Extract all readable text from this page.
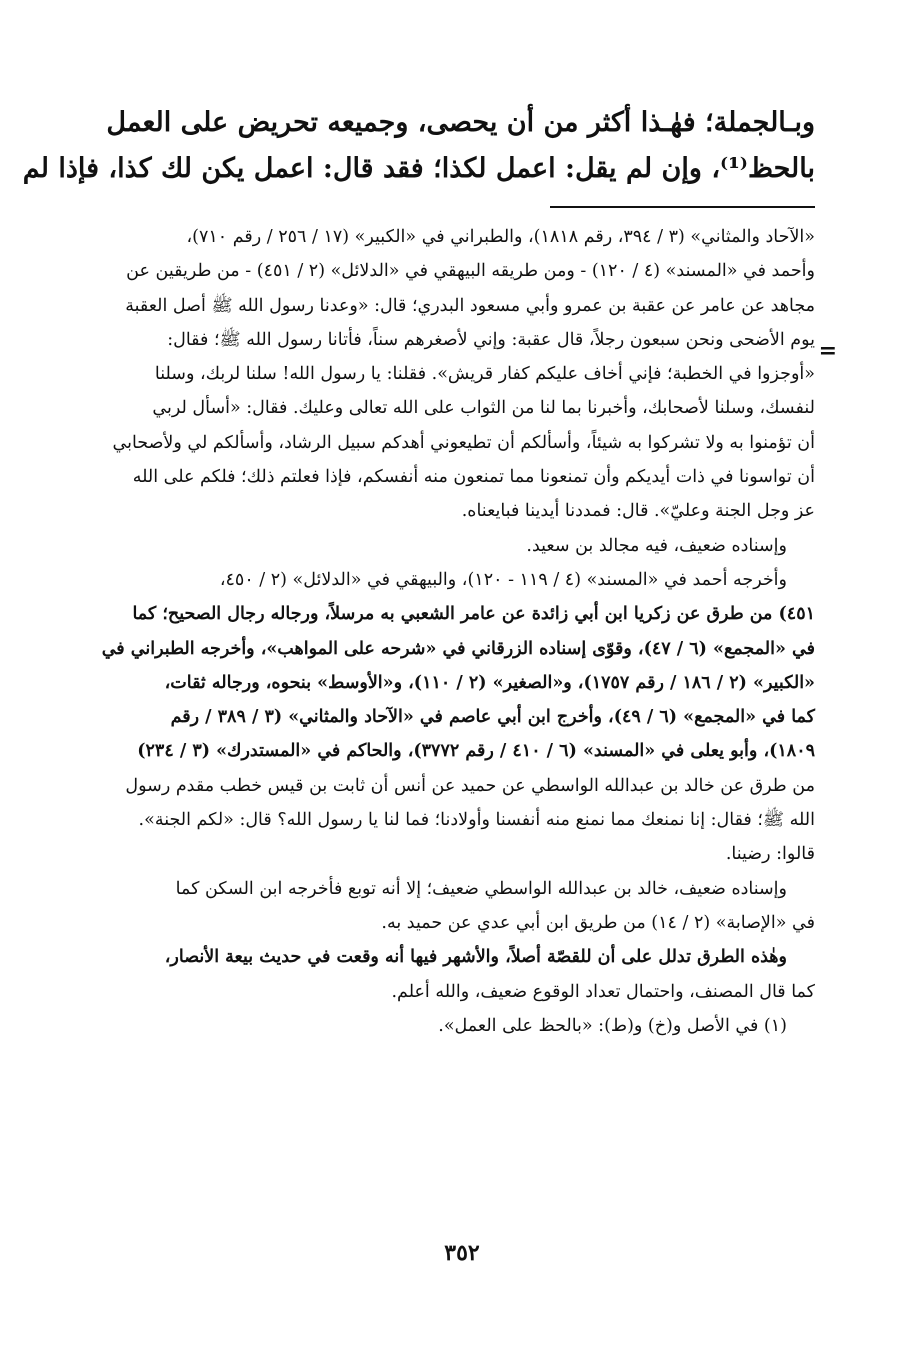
=

وبـالجملة؛ فهٰـذا أكثر من أن يحصى، وجميعه تحريض على العمل

بالحظ⁽¹⁾، وإن لم يقل: اعمل لكذا؛ فقد قال: اعمل يكن لك كذا، فإذا لم

«الآحاد والمثاني» (٣ / ٣٩٤، رقم ١٨١٨)، والطبراني في «الكبير» (١٧ / ٢٥٦ / رقم ٧١٠)،

وأحمد في «المسند» (٤ / ١٢٠) - ومن طريقه البيهقي في «الدلائل» (٢ / ٤٥١) - من طريقين عن

مجاهد عن عامر عن عقبة بن عمرو وأبي مسعود البدري؛ قال: «وعدنا رسول الله ﷺ أصل العقبة

يوم الأضحى ونحن سبعون رجلاً، قال عقبة: وإني لأصغرهم سناً، فأتانا رسول الله ﷺ؛ فقال:

«أوجزوا في الخطبة؛ فإني أخاف عليكم كفار قريش». فقلنا: يا رسول الله! سلنا لربك، وسلنا

لنفسك، وسلنا لأصحابك، وأخبرنا بما لنا من الثواب على الله تعالى وعليك. فقال: «أسأل لربي

أن تؤمنوا به ولا تشركوا به شيئاً، وأسألكم أن تطيعوني أهدكم سبيل الرشاد، وأسألكم لي ولأصحابي

أن تواسونا في ذات أيديكم وأن تمنعونا مما تمنعون منه أنفسكم، فإذا فعلتم ذلك؛ فلكم على الله

عز وجل الجنة وعليّ». قال: فمددنا أيدينا فبايعناه.

وإسناده ضعيف، فيه مجالد بن سعيد.

وأخرجه أحمد في «المسند» (٤ / ١١٩ - ١٢٠)، والبيهقي في «الدلائل» (٢ / ٤٥٠،

٤٥١) من طرق عن زكريا ابن أبي زائدة عن عامر الشعبي به مرسلاً، ورجاله رجال الصحيح؛ كما

في «المجمع» (٦ / ٤٧)، وقوّى إسناده الزرقاني في «شرحه على المواهب»، وأخرجه الطبراني في

«الكبير» (٢ / ١٨٦ / رقم ١٧٥٧)، و«الصغير» (٢ / ١١٠)، و«الأوسط» بنحوه، ورجاله ثقات،

كما في «المجمع» (٦ / ٤٩)، وأخرج ابن أبي عاصم في «الآحاد والمثاني» (٣ / ٣٨٩ / رقم

١٨٠٩)، وأبو يعلى في «المسند» (٦ / ٤١٠ / رقم ٣٧٧٢)، والحاكم في «المستدرك» (٣ / ٢٣٤)

من طرق عن خالد بن عبدالله الواسطي عن حميد عن أنس أن ثابت بن قيس خطب مقدم رسول

الله ﷺ؛ فقال: إنا نمنعك مما نمنع منه أنفسنا وأولادنا؛ فما لنا يا رسول الله؟ قال: «لكم الجنة».

قالوا: رضينا.

وإسناده ضعيف، خالد بن عبدالله الواسطي ضعيف؛ إلا أنه توبع فأخرجه ابن السكن كما

في «الإصابة» (٢ / ١٤) من طريق ابن أبي عدي عن حميد به.

وهٰذه الطرق تدلل على أن للقصّة أصلاً، والأشهر فيها أنه وقعت في حديث بيعة الأنصار،

كما قال المصنف، واحتمال تعداد الوقوع ضعيف، والله أعلم.

(١) في الأصل و(خ) و(ط): «بالحظ على العمل».

٣٥٢
